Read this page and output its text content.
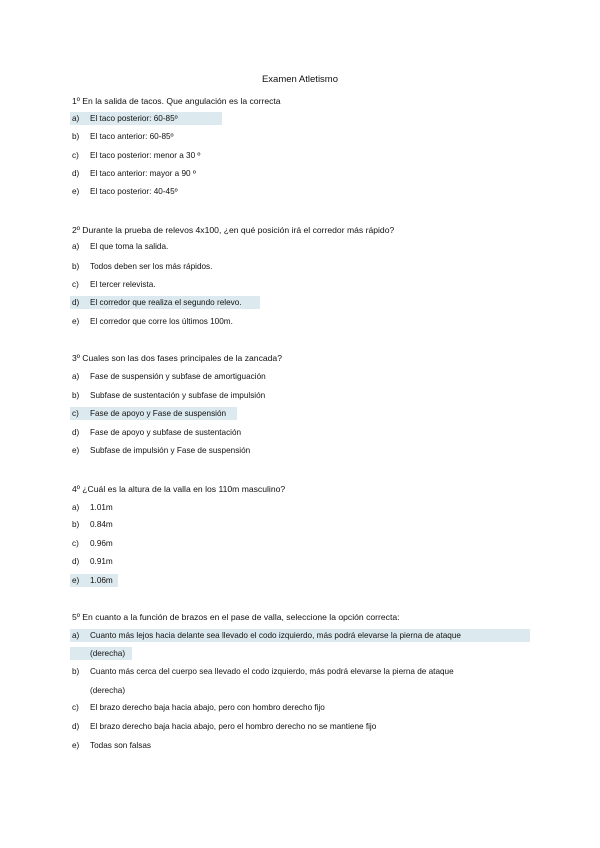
Examen Atletismo
1º En la salida de tacos. Que angulación es la correcta
a)	El taco posterior: 60-85º
b)	El taco anterior: 60-85º
c)	El taco posterior: menor a 30 º
d)	El taco anterior: mayor a 90 º
e)	El taco posterior: 40-45º
2º Durante la prueba de relevos 4x100, ¿en qué posición irá el corredor más rápido?
a)	El que toma la salida.
b)	Todos deben ser los más rápidos.
c)	El tercer relevista.
d)	El corredor que realiza el segundo relevo.
e)	El corredor que corre los últimos 100m.
3º Cuales son las dos fases principales de la zancada?
a)	Fase de suspensión y subfase de amortiguación
b)	Subfase de sustentación y subfase de impulsión
c)	Fase de apoyo y Fase de suspensión
d)	Fase de apoyo y subfase de sustentación
e)	Subfase de impulsión y Fase de suspensión
4º ¿Cuál es la altura de la valla en los 110m masculino?
a)	1.01m
b)	0.84m
c)	0.96m
d)	0.91m
e)	1.06m
5º En cuanto a la función de brazos en el pase de valla, seleccione la opción correcta:
a)	Cuanto más lejos hacia delante sea llevado el codo izquierdo, más podrá elevarse la pierna de ataque
(derecha)
b)	Cuanto más cerca del cuerpo sea llevado el codo izquierdo, más podrá elevarse la pierna de ataque
(derecha)
c)	El brazo derecho baja hacia abajo, pero con hombro derecho fijo
d)	El brazo derecho baja hacia abajo, pero el hombro derecho no se mantiene fijo
e)	Todas son falsas
